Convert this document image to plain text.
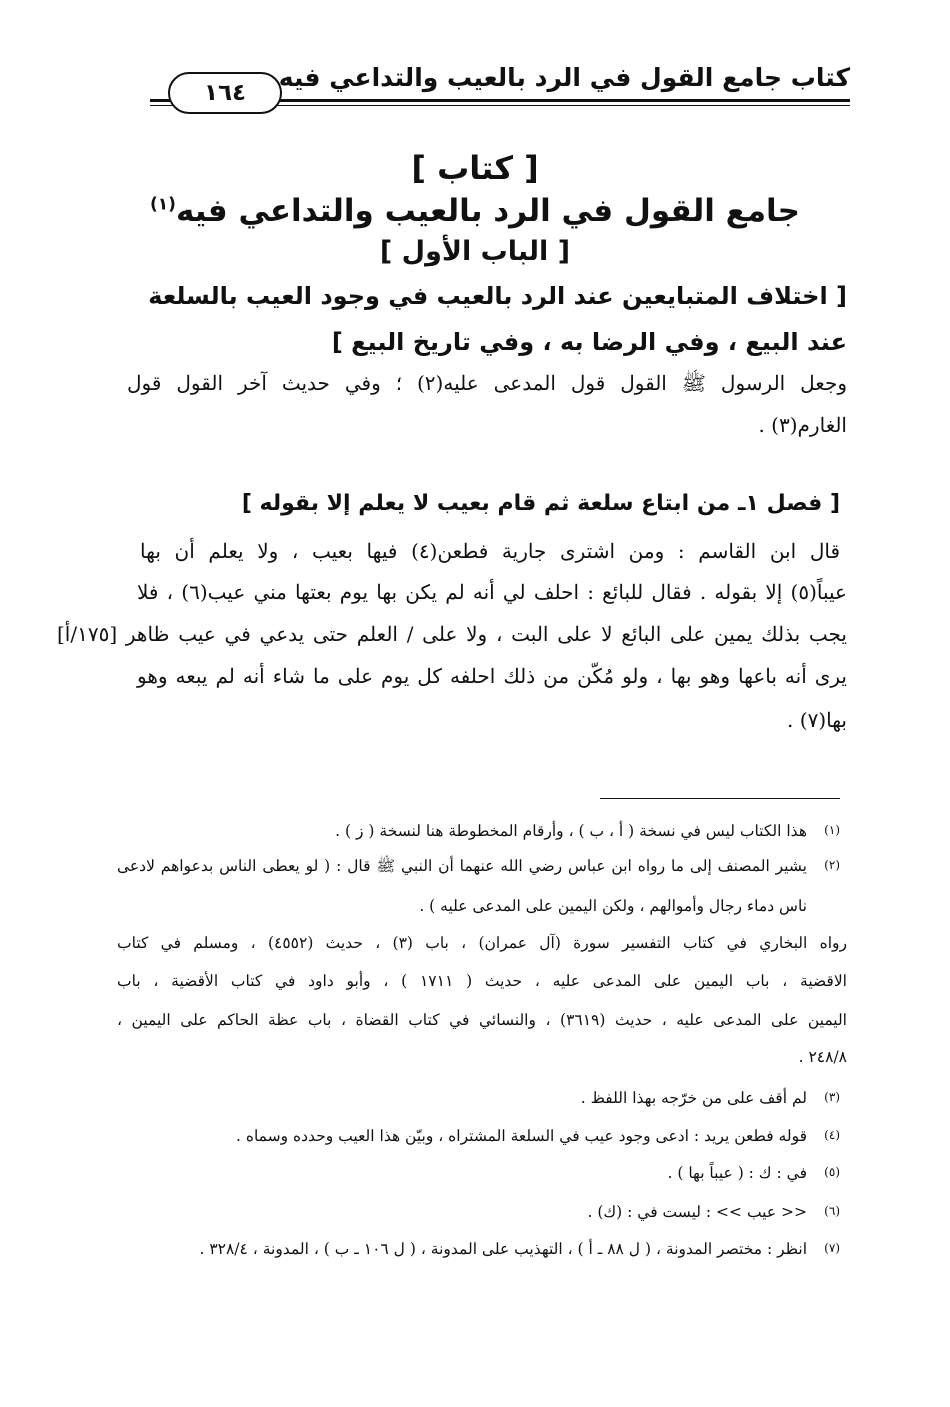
كتاب جامع القول في الرد بالعيب والتداعي فيه
١٦٤
[ كتاب ]
جامع القول في الرد بالعيب والتداعي فيه$^{(١)}$
[ الباب الأول ]
[ اختلاف المتبايعين عند الرد بالعيب في وجود العيب بالسلعة
عند البيع ، وفي الرضا به ، وفي تاريخ البيع ]
وجعل الرسول ﷺ القول قول المدعى عليه(٢) ؛ وفي حديث آخر القول قول
الغارم(٣) .
[ فصل ١ـ من ابتاع سلعة ثم قام بعيب لا يعلم إلا بقوله ]
قال ابن القاسم : ومن اشترى جارية فطعن(٤) فيها بعيب ، ولا يعلم أن بها
عيباً(٥) إلا بقوله . فقال للبائع : احلف لي أنه لم يكن بها يوم بعتها مني عيب(٦) ، فلا
يجب بذلك يمين على البائع لا على البت ، ولا على / العلم حتى يدعي في عيب ظاهر [١٧٥/أ]
يرى أنه باعها وهو بها ، ولو مُكّن من ذلك احلفه كل يوم على ما شاء أنه لم يبعه وهو
بها(٧) .
(١)
هذا الكتاب ليس في نسخة ( أ ، ب ) ، وأرقام المخطوطة هنا لنسخة ( ز ) .
(٢)
يشير المصنف إلى ما رواه ابن عباس رضي الله عنهما أن النبي ﷺ قال : ( لو يعطى الناس بدعواهم لادعى
ناس دماء رجال وأموالهم ، ولكن اليمين على المدعى عليه ) .
رواه البخاري في كتاب التفسير سورة (آل عمران) ، باب (٣) ، حديث (٤٥٥٢) ، ومسلم في كتاب
الاقضية ، باب اليمين على المدعى عليه ، حديث ( ١٧١١ ) ، وأبو داود في كتاب الأقضية ، باب
اليمين على المدعى عليه ، حديث (٣٦١٩) ، والنسائي في كتاب القضاة ، باب عظة الحاكم على اليمين ،
٢٤٨/٨ .
(٣)
لم أقف على من خرّجه بهذا اللفظ .
(٤)
قوله فطعن يريد : ادعى وجود عيب في السلعة المشتراه ، وبيّن هذا العيب وحدده وسماه .
(٥)
في : ك : ( عيباً بها ) .
(٦)
<< عيب >> : ليست في : (ك) .
(٧)
انظر : مختصر المدونة ، ( ل ٨٨ ـ أ ) ، التهذيب على المدونة ، ( ل ١٠٦ ـ ب ) ، المدونة ، ٣٢٨/٤ .
